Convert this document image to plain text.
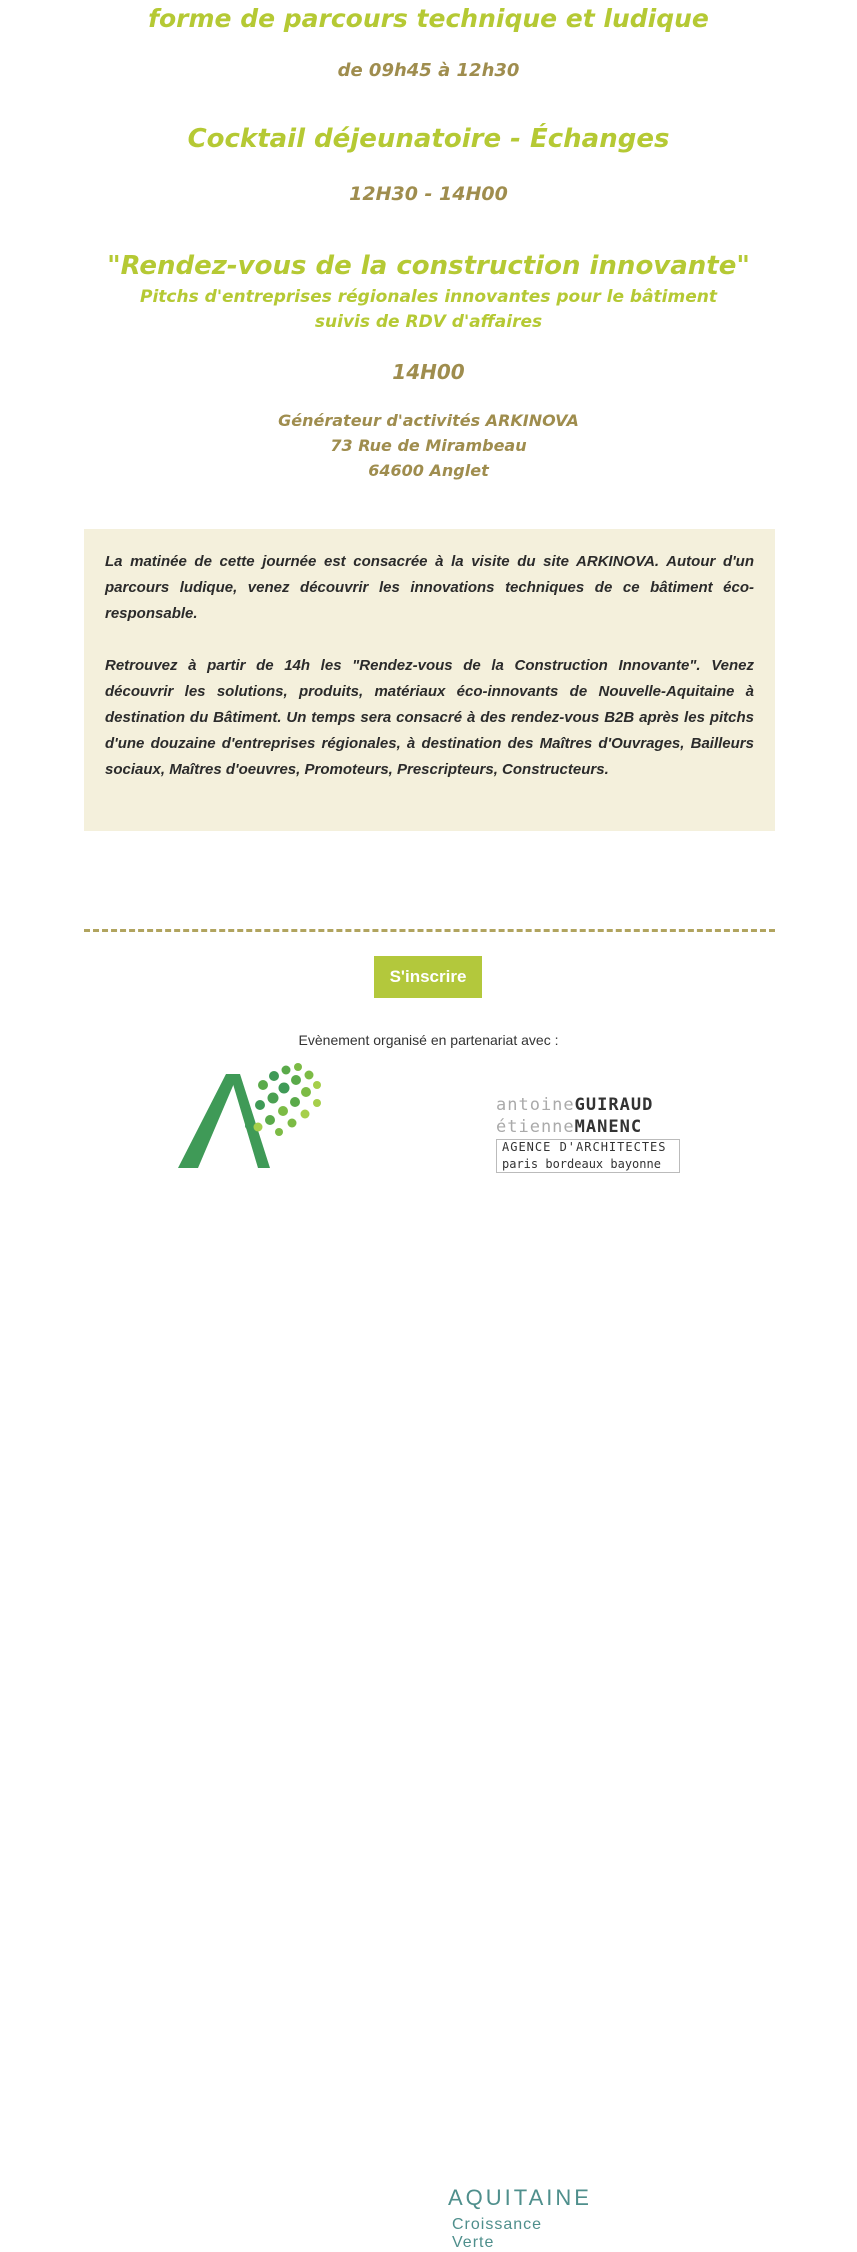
forme de parcours technique et ludique
de 09h45 à 12h30
Cocktail déjeunatoire - Échanges
12H30 - 14H00
"Rendez-vous de la construction innovante"
Pitchs d'entreprises régionales innovantes pour le bâtiment
suivis de RDV d'affaires
14H00
Générateur d'activités ARKINOVA
73 Rue de Mirambeau
64600 Anglet

La matinée de cette journée est consacrée à la visite du site ARKINOVA. Autour d'un parcours ludique, venez découvrir les innovations techniques de ce bâtiment éco-responsable.

Retrouvez à partir de 14h les "Rendez-vous de la Construction Innovante". Venez découvrir les solutions, produits, matériaux éco-innovants de Nouvelle-Aquitaine à destination du Bâtiment. Un temps sera consacré à des rendez-vous B2B après les pitchs d'une douzaine d'entreprises régionales, à destination des Maîtres d'Ouvrages, Bailleurs sociaux, Maîtres d'oeuvres, Promoteurs, Prescripteurs, Constructeurs.

S'inscrire
Evènement organisé en partenariat avec :
AQUITAINE
Croissance Verte
antoineGUIRAUD
étienneMANENC
AGENCE D'ARCHITECTES
paris bordeaux bayonne
